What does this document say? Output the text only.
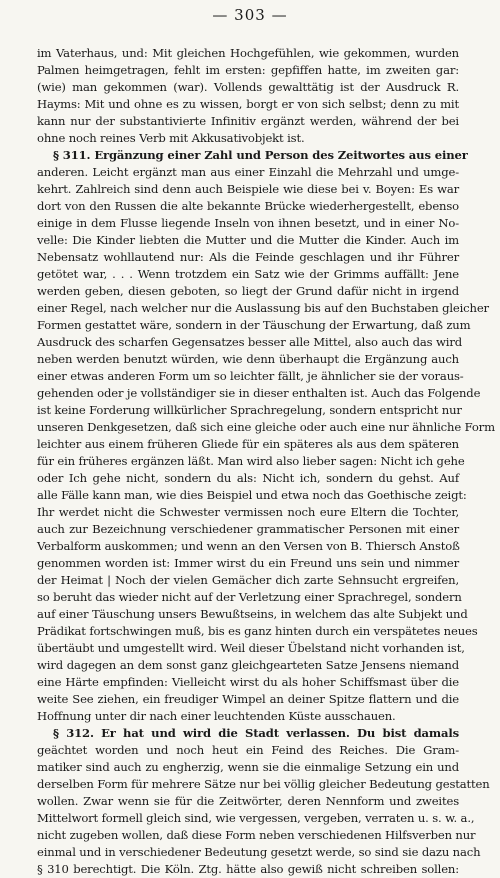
— 303 —
im Vaterhaus, und: Mit gleichen Hochgefühlen, wie gekommen, wurden
Palmen heimgetragen, fehlt im ersten: gepfiffen hatte, im zweiten gar:
(wie) man gekommen (war). Vollends gewalttätig ist der Ausdruck R.
Hayms: Mit und ohne es zu wissen, borgt er von sich selbst; denn zu mit
kann nur der substantivierte Infinitiv ergänzt werden, während der bei
ohne noch reines Verb mit Akkusativobjekt ist.
§ 311. Ergänzung einer Zahl und Person des Zeitwortes aus einer
anderen. Leicht ergänzt man aus einer Einzahl die Mehrzahl und umge-
kehrt. Zahlreich sind denn auch Beispiele wie diese bei v. Boyen: Es war
dort von den Russen die alte bekannte Brücke wiederhergestellt, ebenso
einige in dem Flusse liegende Inseln von ihnen besetzt, und in einer No-
velle: Die Kinder liebten die Mutter und die Mutter die Kinder. Auch im
Nebensatz wohllautend nur: Als die Feinde geschlagen und ihr Führer
getötet war, . . . Wenn trotzdem ein Satz wie der Grimms auffällt: Jene
werden geben, diesen geboten, so liegt der Grund dafür nicht in irgend
einer Regel, nach welcher nur die Auslassung bis auf den Buchstaben gleicher
Formen gestattet wäre, sondern in der Täuschung der Erwartung, daß zum
Ausdruck des scharfen Gegensatzes besser alle Mittel, also auch das wird
neben werden benutzt würden, wie denn überhaupt die Ergänzung auch
einer etwas anderen Form um so leichter fällt, je ähnlicher sie der voraus-
gehenden oder je vollständiger sie in dieser enthalten ist. Auch das Folgende
ist keine Forderung willkürlicher Sprachregelung, sondern entspricht nur
unseren Denkgesetzen, daß sich eine gleiche oder auch eine nur ähnliche Form
leichter aus einem früheren Gliede für ein späteres als aus dem späteren
für ein früheres ergänzen läßt. Man wird also lieber sagen: Nicht ich gehe
oder Ich gehe nicht, sondern du als: Nicht ich, sondern du gehst. Auf
alle Fälle kann man, wie dies Beispiel und etwa noch das Goethische zeigt:
Ihr werdet nicht die Schwester vermissen noch eure Eltern die Tochter,
auch zur Bezeichnung verschiedener grammatischer Personen mit einer
Verbalform auskommen; und wenn an den Versen von B. Thiersch Anstoß
genommen worden ist: Immer wirst du ein Freund uns sein und nimmer
der Heimat | Noch der vielen Gemächer dich zarte Sehnsucht ergreifen,
so beruht das wieder nicht auf der Verletzung einer Sprachregel, sondern
auf einer Täuschung unsers Bewußtseins, in welchem das alte Subjekt und
Prädikat fortschwingen muß, bis es ganz hinten durch ein verspätetes neues
übertäubt und umgestellt wird. Weil dieser Übelstand nicht vorhanden ist,
wird dagegen an dem sonst ganz gleichgearteten Satze Jensens niemand
eine Härte empfinden: Vielleicht wirst du als hoher Schiffsmast über die
weite See ziehen, ein freudiger Wimpel an deiner Spitze flattern und die
Hoffnung unter dir nach einer leuchtenden Küste ausschauen.
§ 312. Er hat und wird die Stadt verlassen. Du bist damals
geächtet worden und noch heut ein Feind des Reiches. Die Gram-
matiker sind auch zu engherzig, wenn sie die einmalige Setzung ein und
derselben Form für mehrere Sätze nur bei völlig gleicher Bedeutung gestatten
wollen. Zwar wenn sie für die Zeitwörter, deren Nennform und zweites
Mittelwort formell gleich sind, wie vergessen, vergeben, verraten u. s. w. a.,
nicht zugeben wollen, daß diese Form neben verschiedenen Hilfsverben nur
einmal und in verschiedener Bedeutung gesetzt werde, so sind sie dazu nach
§ 310 berechtigt. Die Köln. Ztg. hätte also gewiß nicht schreiben sollen:
